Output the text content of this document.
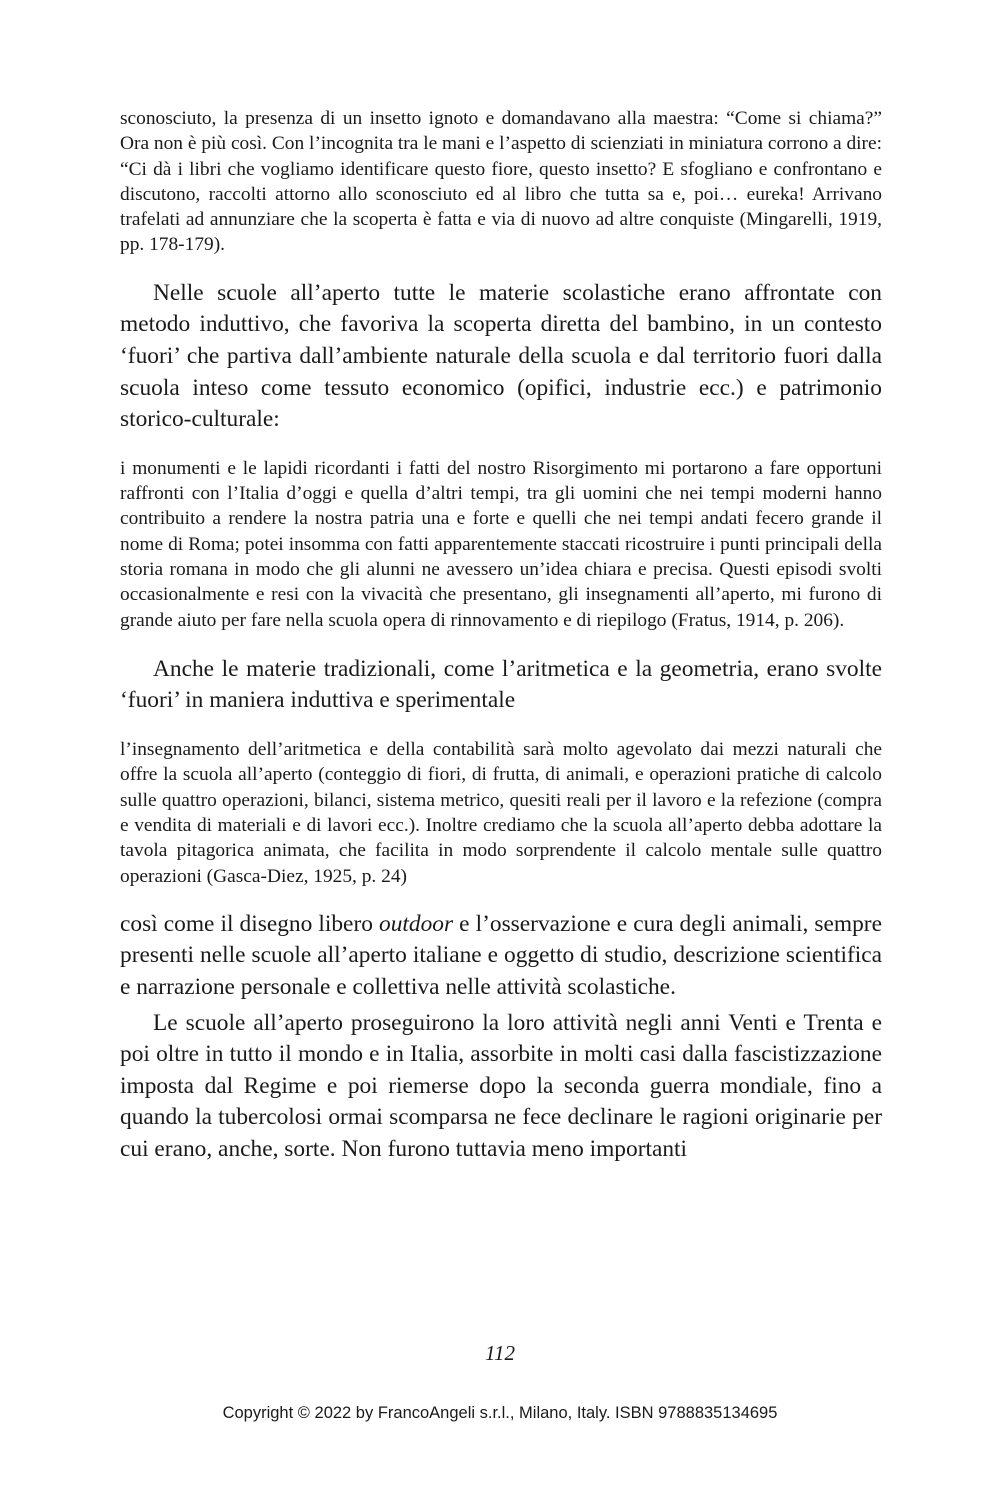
sconosciuto, la presenza di un insetto ignoto e domandavano alla maestra: “Come si chiama?” Ora non è più così. Con l’incognita tra le mani e l’aspetto di scienziati in miniatura corrono a dire: “Ci dà i libri che vogliamo identificare questo fiore, questo insetto? E sfogliano e confrontano e discutono, raccolti attorno allo sconosciuto ed al libro che tutta sa e, poi… eureka! Arrivano trafelati ad annunziare che la scoperta è fatta e via di nuovo ad altre conquiste (Mingarelli, 1919, pp. 178-179).

Nelle scuole all’aperto tutte le materie scolastiche erano affrontate con metodo induttivo, che favoriva la scoperta diretta del bambino, in un contesto ‘fuori’ che partiva dall’ambiente naturale della scuola e dal territorio fuori dalla scuola inteso come tessuto economico (opifici, industrie ecc.) e patrimonio storico-culturale:

i monumenti e le lapidi ricordanti i fatti del nostro Risorgimento mi portarono a fare opportuni raffronti con l’Italia d’oggi e quella d’altri tempi, tra gli uomini che nei tempi moderni hanno contribuito a rendere la nostra patria una e forte e quelli che nei tempi andati fecero grande il nome di Roma; potei insomma con fatti apparentemente staccati ricostruire i punti principali della storia romana in modo che gli alunni ne avessero un’idea chiara e precisa. Questi episodi svolti occasionalmente e resi con la vivacità che presentano, gli insegnamenti all’aperto, mi furono di grande aiuto per fare nella scuola opera di rinnovamento e di riepilogo (Fratus, 1914, p. 206).

Anche le materie tradizionali, come l’aritmetica e la geometria, erano svolte ‘fuori’ in maniera induttiva e sperimentale

l’insegnamento dell’aritmetica e della contabilità sarà molto agevolato dai mezzi naturali che offre la scuola all’aperto (conteggio di fiori, di frutta, di animali, e operazioni pratiche di calcolo sulle quattro operazioni, bilanci, sistema metrico, quesiti reali per il lavoro e la refezione (compra e vendita di materiali e di lavori ecc.). Inoltre crediamo che la scuola all’aperto debba adottare la tavola pitagorica animata, che facilita in modo sorprendente il calcolo mentale sulle quattro operazioni (Gasca-Diez, 1925, p. 24)

così come il disegno libero outdoor e l’osservazione e cura degli animali, sempre presenti nelle scuole all’aperto italiane e oggetto di studio, descrizione scientifica e narrazione personale e collettiva nelle attività scolastiche.

Le scuole all’aperto proseguirono la loro attività negli anni Venti e Trenta e poi oltre in tutto il mondo e in Italia, assorbite in molti casi dalla fascistizzazione imposta dal Regime e poi riemerse dopo la seconda guerra mondiale, fino a quando la tubercolosi ormai scomparsa ne fece declinare le ragioni originarie per cui erano, anche, sorte. Non furono tuttavia meno importanti

112
Copyright © 2022 by FrancoAngeli s.r.l., Milano, Italy. ISBN 9788835134695
